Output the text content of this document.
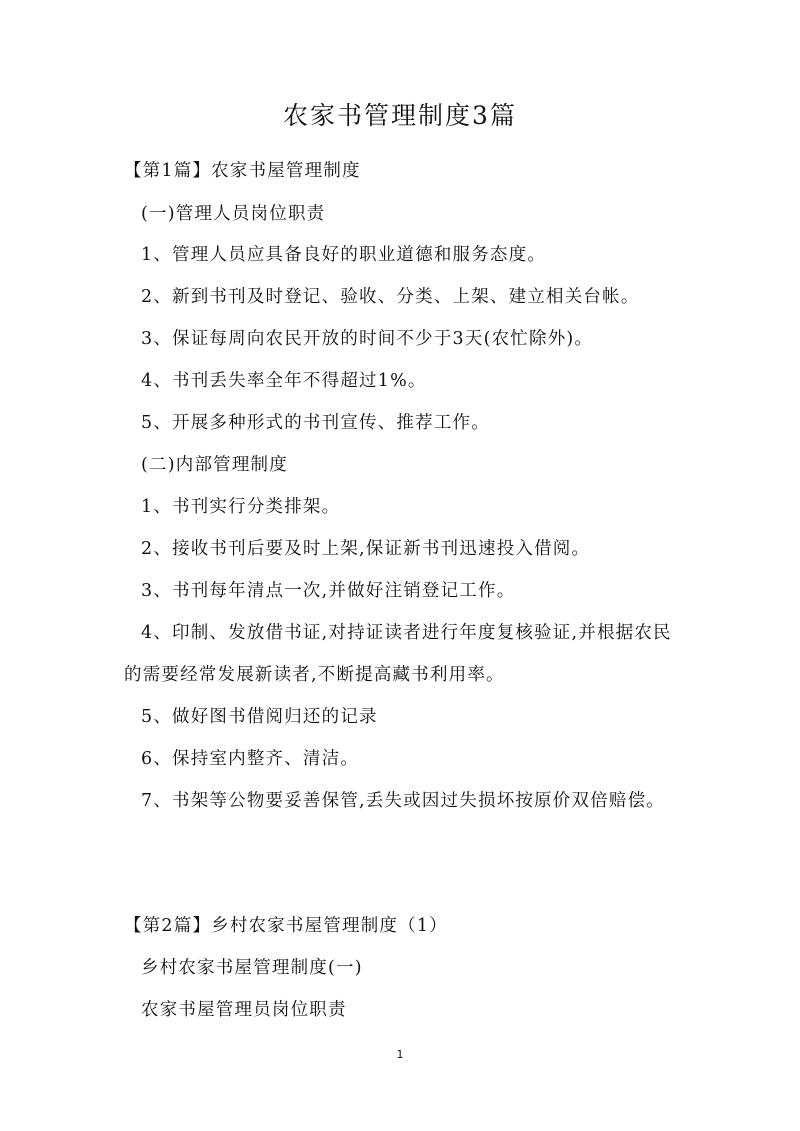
农家书管理制度3篇

【第1篇】农家书屋管理制度

(一)管理人员岗位职责

1、管理人员应具备良好的职业道德和服务态度。

2、新到书刊及时登记、验收、分类、上架、建立相关台帐。

3、保证每周向农民开放的时间不少于3天(农忙除外)。

4、书刊丢失率全年不得超过1%。

5、开展多种形式的书刊宣传、推荐工作。

(二)内部管理制度

1、书刊实行分类排架。

2、接收书刊后要及时上架,保证新书刊迅速投入借阅。

3、书刊每年清点一次,并做好注销登记工作。

4、印制、发放借书证,对持证读者进行年度复核验证,并根据农民

的需要经常发展新读者,不断提高藏书利用率。

5、做好图书借阅归还的记录

6、保持室内整齐、清洁。

7、书架等公物要妥善保管,丢失或因过失损坏按原价双倍赔偿。

【第2篇】乡村农家书屋管理制度（1）

乡村农家书屋管理制度(一)

农家书屋管理员岗位职责

1
